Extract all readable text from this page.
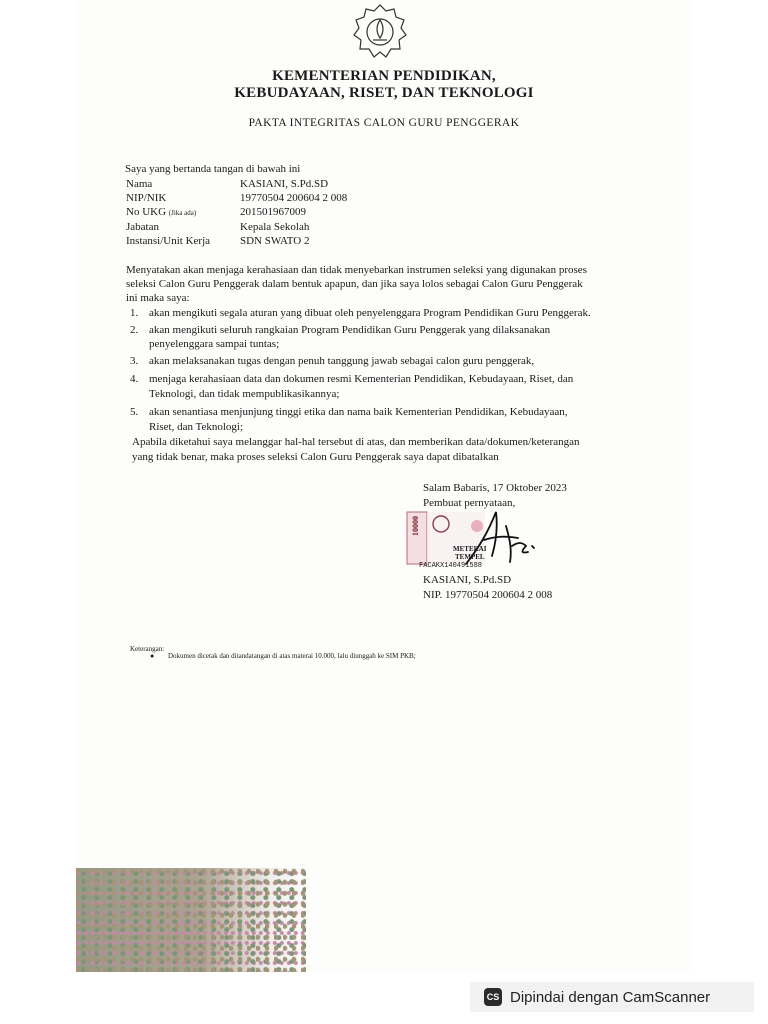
KEMENTERIAN PENDIDIKAN,
KEBUDAYAAN, RISET, DAN TEKNOLOGI
PAKTA INTEGRITAS CALON GURU PENGGERAK
Saya yang bertanda tangan di bawah ini
Nama	KASIANI, S.Pd.SD
NIP/NIK	19770504 200604 2 008
No UKG (Jika ada)	201501967009
Jabatan	Kepala Sekolah
Instansi/Unit Kerja	SDN SWATO 2
Menyatakan akan menjaga kerahasiaan dan tidak menyebarkan instrumen seleksi yang digunakan proses
seleksi Calon Guru Penggerak dalam bentuk apapun, dan jika saya lolos sebagai Calon Guru Penggerak
ini maka saya:
1. akan mengikuti segala aturan yang dibuat oleh penyelenggara Program Pendidikan Guru Penggerak.
2. akan mengikuti seluruh rangkaian Program Pendidikan Guru Penggerak yang dilaksanakan
penyelenggara sampai tuntas;
3. akan melaksanakan tugas dengan penuh tanggung jawab sebagai calon guru penggerak,
4. menjaga kerahasiaan data dan dokumen resmi Kementerian Pendidikan, Kebudayaan, Riset, dan
Teknologi, dan tidak mempublikasikannya;
5. akan senantiasa menjunjung tinggi etika dan nama baik Kementerian Pendidikan, Kebudayaan,
Riset, dan Teknologi;
Apabila diketahui saya melanggar hal-hal tersebut di atas, dan memberikan data/dokumen/keterangan
yang tidak benar, maka proses seleksi Calon Guru Penggerak saya dapat dibatalkan
Salam Babaris, 17 Oktober 2023
Pembuat pernyataan,
10000
METERAI
TEMPEL
FACAKX140491588
KASIANI, S.Pd.SD
NIP. 19770504 200604 2 008
Keterangan:
● Dokumen dicetak dan ditandatangan di atas materai 10.000, lalu diunggah ke SIM PKB;
CS Dipindai dengan CamScanner
